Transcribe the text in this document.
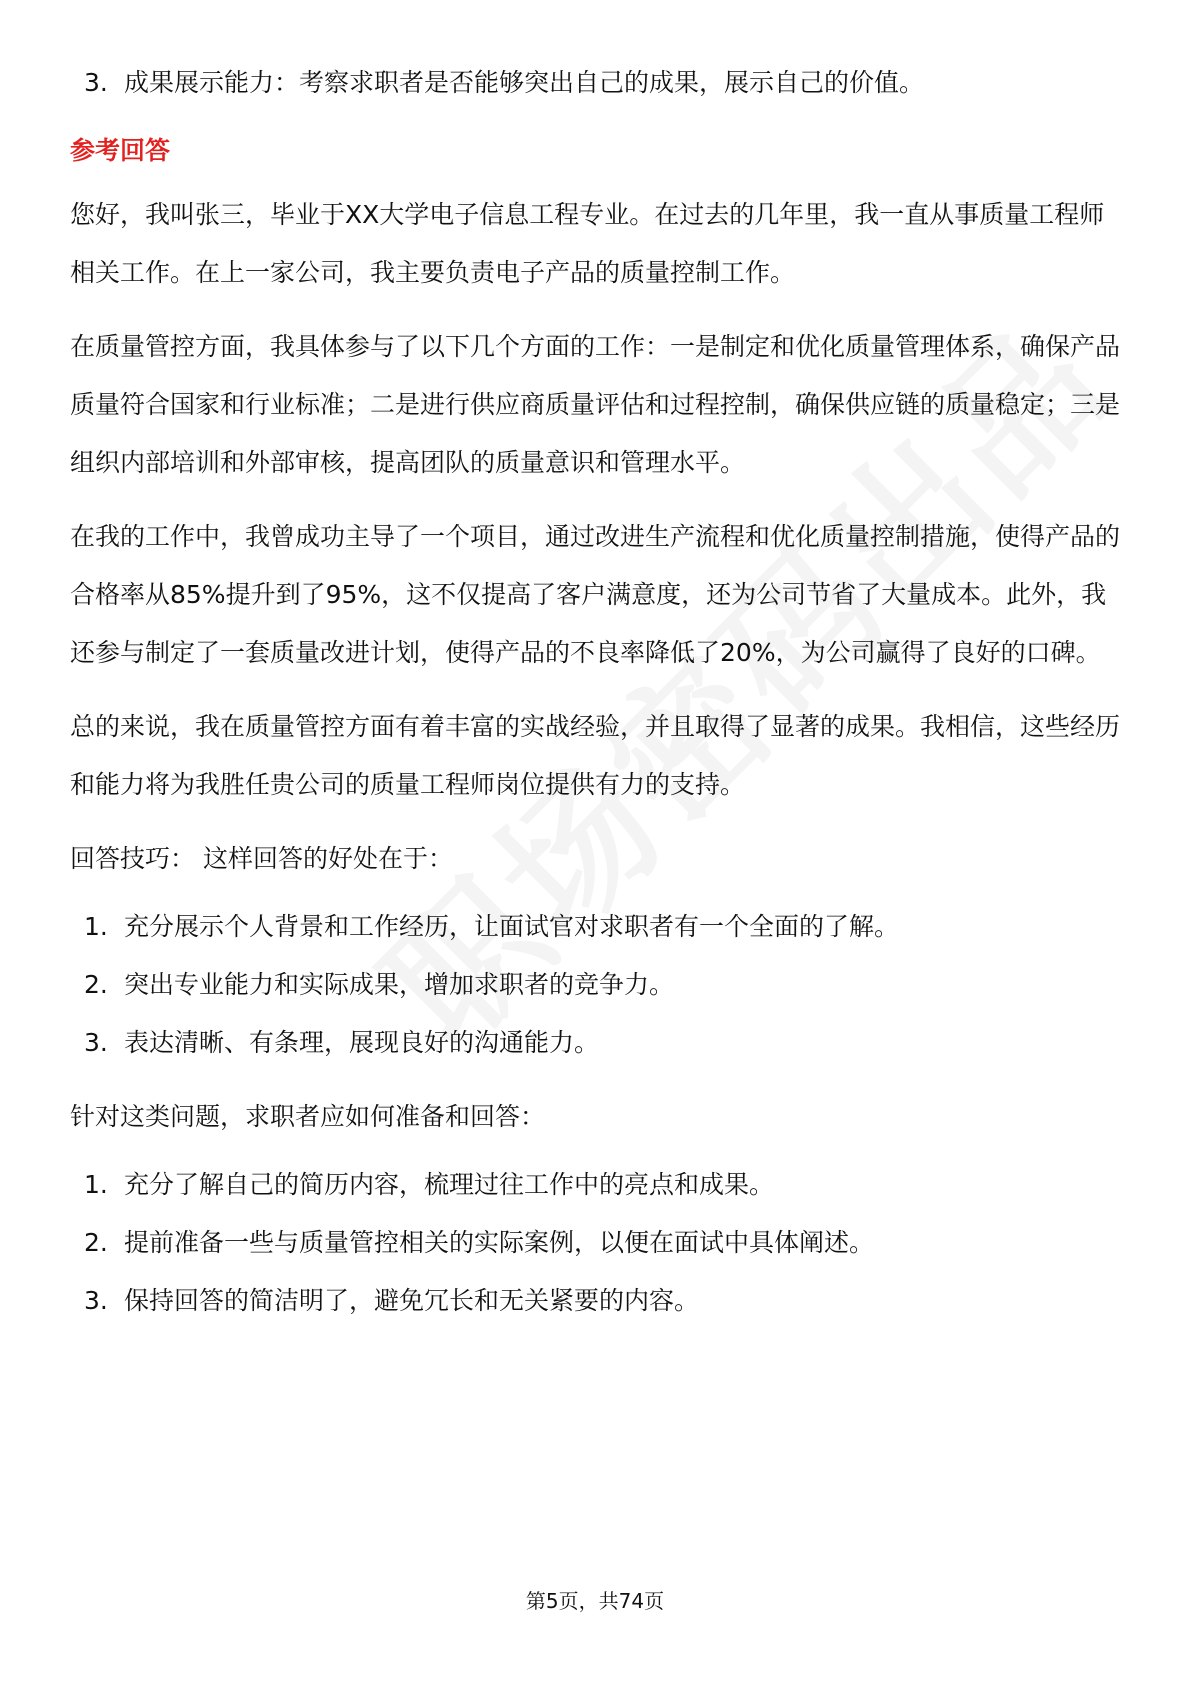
3. 成果展示能力：考察求职者是否能够突出自己的成果，展示自己的价值。
参考回答

您好，我叫张三，毕业于XX大学电子信息工程专业。在过去的几年里，我一直从事质量工程师相关工作。在上一家公司，我主要负责电子产品的质量控制工作。

在质量管控方面，我具体参与了以下几个方面的工作：一是制定和优化质量管理体系，确保产品质量符合国家和行业标准；二是进行供应商质量评估和过程控制，确保供应链的质量稳定；三是组织内部培训和外部审核，提高团队的质量意识和管理水平。

在我的工作中，我曾成功主导了一个项目，通过改进生产流程和优化质量控制措施，使得产品的合格率从85%提升到了95%，这不仅提高了客户满意度，还为公司节省了大量成本。此外，我还参与制定了一套质量改进计划，使得产品的不良率降低了20%，为公司赢得了良好的口碑。

总的来说，我在质量管控方面有着丰富的实战经验，并且取得了显著的成果。我相信，这些经历和能力将为我胜任贵公司的质量工程师岗位提供有力的支持。

回答技巧： 这样回答的好处在于：

1. 充分展示个人背景和工作经历，让面试官对求职者有一个全面的了解。
2. 突出专业能力和实际成果，增加求职者的竞争力。
3. 表达清晰、有条理，展现良好的沟通能力。

针对这类问题，求职者应如何准备和回答：

1. 充分了解自己的简历内容，梳理过往工作中的亮点和成果。
2. 提前准备一些与质量管控相关的实际案例，以便在面试中具体阐述。
3. 保持回答的简洁明了，避免冗长和无关紧要的内容。
第5页，共74页
